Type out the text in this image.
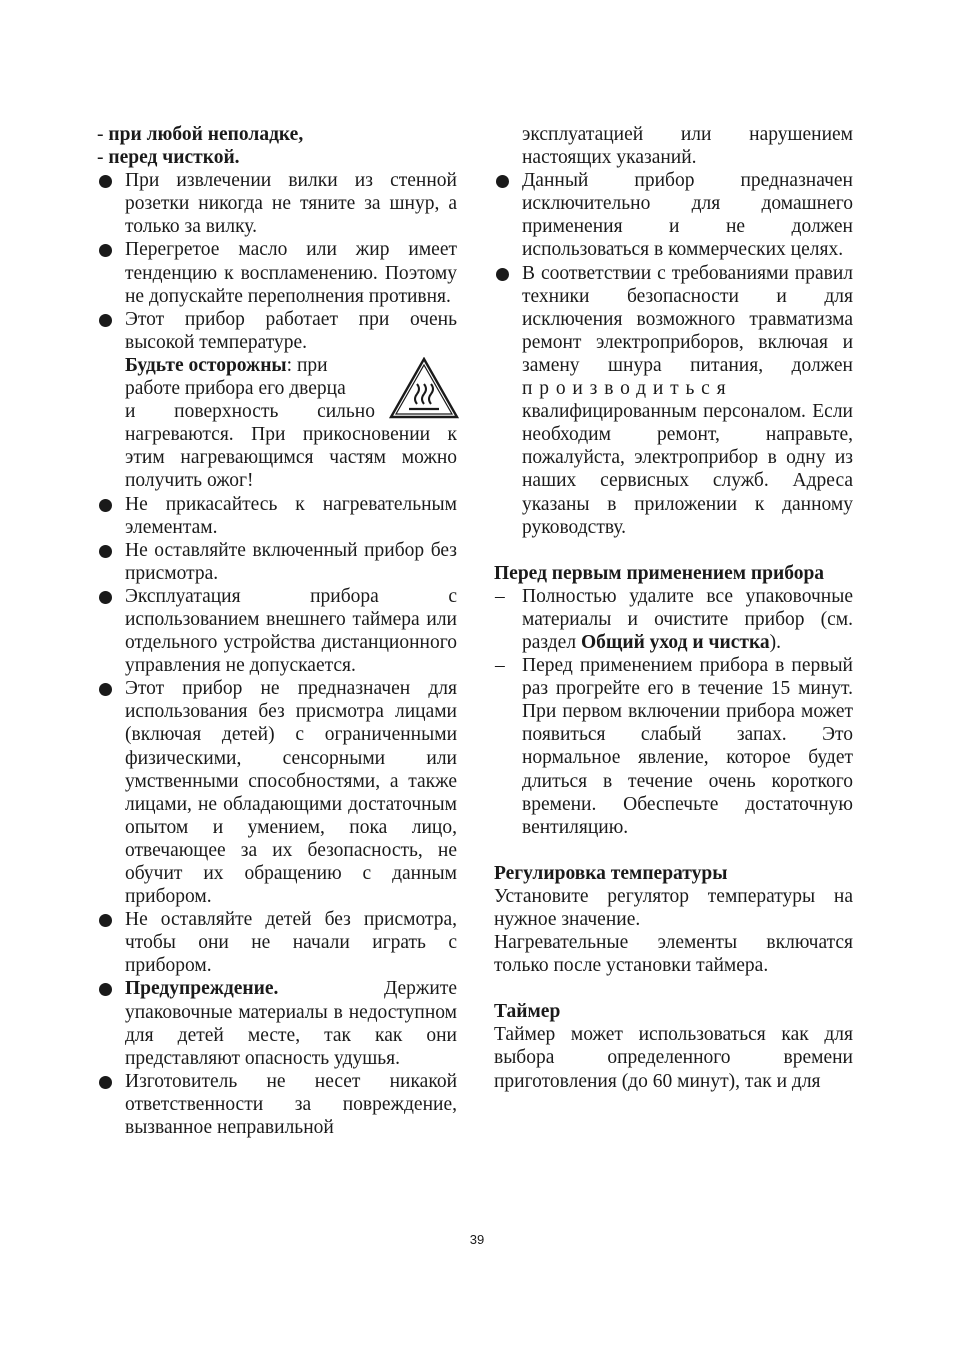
- при любой неполадке,

- перед чисткой.

При извлечении вилки из стенной розетки никогда не тяните за шнур, а только за вилку.
Перегретое масло или жир имеет тенденцию к воспламенению. Поэтому не допускайте переполнения противня.
Этот прибор работает при очень высокой температуре.
Будьте осторожны: при
работе прибора его дверца
и поверхность сильно
нагреваются. При прикосновении к этим нагревающимся частям можно получить ожог!
Не прикасайтесь к нагревательным элементам.
Не оставляйте включенный прибор без присмотра.
Эксплуатация прибора с использованием внешнего таймера или отдельного устройства дистанционного управления не допускается.
Этот прибор не предназначен для использования без присмотра лицами (включая детей) с ограниченными физическими, сенсорными или умственными способностями, а также лицами, не обладающими достаточным опытом и умением, пока лицо, отвечающее за их безопасность, не обучит их обращению с данным прибором.
Не оставляйте детей без присмотра, чтобы они не начали играть с прибором.
Предупреждение. Держите упаковочные материалы в недоступном для детей месте, так как они представляют опасность удушья.
Изготовитель не несет никакой ответственности за повреждение, вызванное неправильной

эксплуатацией или нарушением настоящих указаний.

Данный прибор предназначен исключительно для домашнего применения и не должен использоваться в коммерческих целях.
В соответствии с требованиями правил техники безопасности и для исключения возможного травматизма ремонт электроприборов, включая и замену шнура питания, должен производиться квалифицированным персоналом. Если необходим ремонт, направьте, пожалуйста, электроприбор в одну из наших сервисных служб. Адреса указаны в приложении к данному руководству.

Перед первым применением прибора

– Полностью удалите все упаковочные материалы и очистите прибор (см. раздел Общий уход и чистка).
– Перед применением прибора в первый раз прогрейте его в течение 15 минут. При первом включении прибора может появиться слабый запах. Это нормальное явление, которое будет длиться в течение очень короткого времени. Обеспечьте достаточную вентиляцию.

Регулировка температуры

Установите регулятор температуры на нужное значение.

Нагревательные элементы включатся только после установки таймера.

Таймер

Таймер может использоваться как для выбора определенного времени приготовления (до 60 минут), так и для

39
